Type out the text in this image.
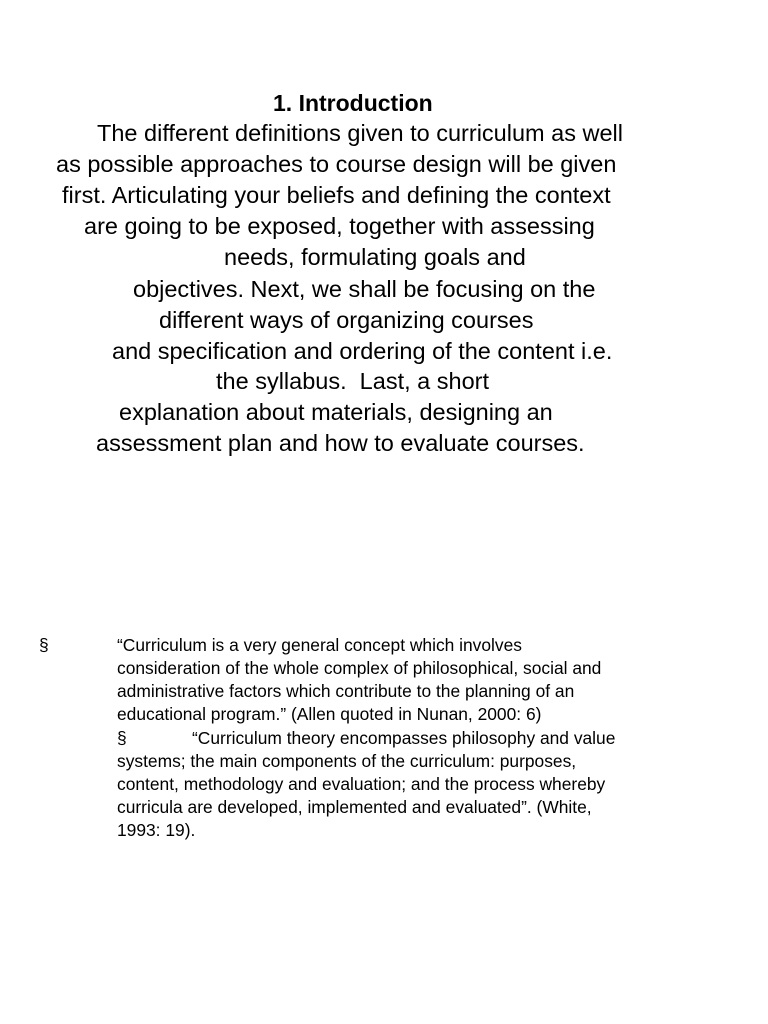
1. Introduction
The different definitions given to curriculum as well
as possible approaches to course design will be given
first. Articulating your beliefs and defining the context
are going to be exposed, together with assessing
needs, formulating goals and
objectives. Next, we shall be focusing on the
different ways of organizing courses
and specification and ordering of the content i.e.
the syllabus.  Last, a short
explanation about materials, designing an
assessment plan and how to evaluate courses.
§	“Curriculum is a very general concept which involves
consideration of the whole complex of philosophical, social and
administrative factors which contribute to the planning of an
educational program.” (Allen quoted in Nunan, 2000: 6)
§	“Curriculum theory encompasses philosophy and value
systems; the main components of the curriculum: purposes,
content, methodology and evaluation; and the process whereby
curricula are developed, implemented and evaluated”. (White,
1993: 19).
